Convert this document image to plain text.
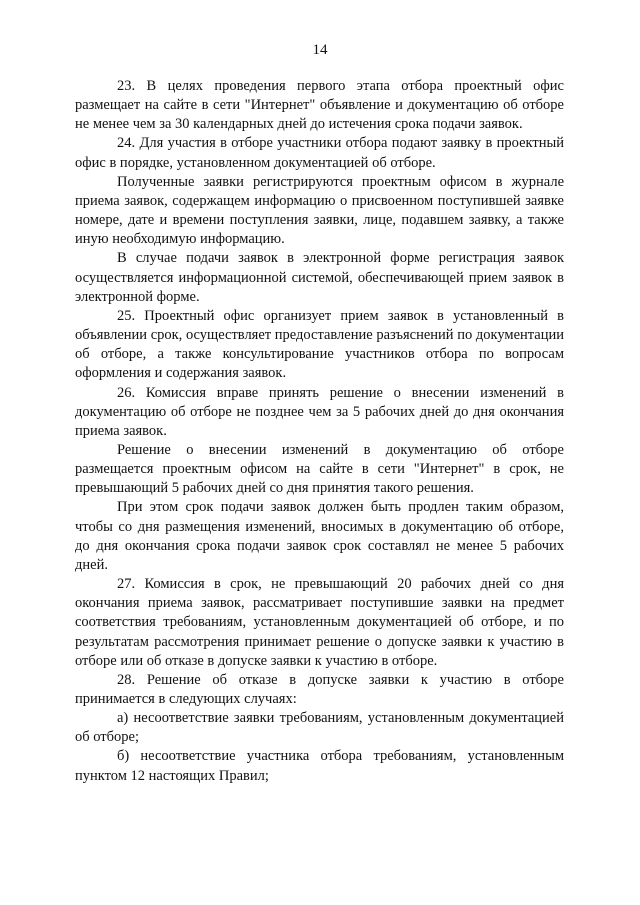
14

23. В целях проведения первого этапа отбора проектный офис размещает на сайте в сети "Интернет" объявление и документацию об отборе не менее чем за 30 календарных дней до истечения срока подачи заявок.

24. Для участия в отборе участники отбора подают заявку в проектный офис в порядке, установленном документацией об отборе.

Полученные заявки регистрируются проектным офисом в журнале приема заявок, содержащем информацию о присвоенном поступившей заявке номере, дате и времени поступления заявки, лице, подавшем заявку, а также иную необходимую информацию.

В случае подачи заявок в электронной форме регистрация заявок осуществляется информационной системой, обеспечивающей прием заявок в электронной форме.

25. Проектный офис организует прием заявок в установленный в объявлении срок, осуществляет предоставление разъяснений по документации об отборе, а также консультирование участников отбора по вопросам оформления и содержания заявок.

26. Комиссия вправе принять решение о внесении изменений в документацию об отборе не позднее чем за 5 рабочих дней до дня окончания приема заявок.

Решение о внесении изменений в документацию об отборе размещается проектным офисом на сайте в сети "Интернет" в срок, не превышающий 5 рабочих дней со дня принятия такого решения.

При этом срок подачи заявок должен быть продлен таким образом, чтобы со дня размещения изменений, вносимых в документацию об отборе, до дня окончания срока подачи заявок срок составлял не менее 5 рабочих дней.

27. Комиссия в срок, не превышающий 20 рабочих дней со дня окончания приема заявок, рассматривает поступившие заявки на предмет соответствия требованиям, установленным документацией об отборе, и по результатам рассмотрения принимает решение о допуске заявки к участию в отборе или об отказе в допуске заявки к участию в отборе.

28. Решение об отказе в допуске заявки к участию в отборе принимается в следующих случаях:

а) несоответствие заявки требованиям, установленным документацией об отборе;

б) несоответствие участника отбора требованиям, установленным пунктом 12 настоящих Правил;
